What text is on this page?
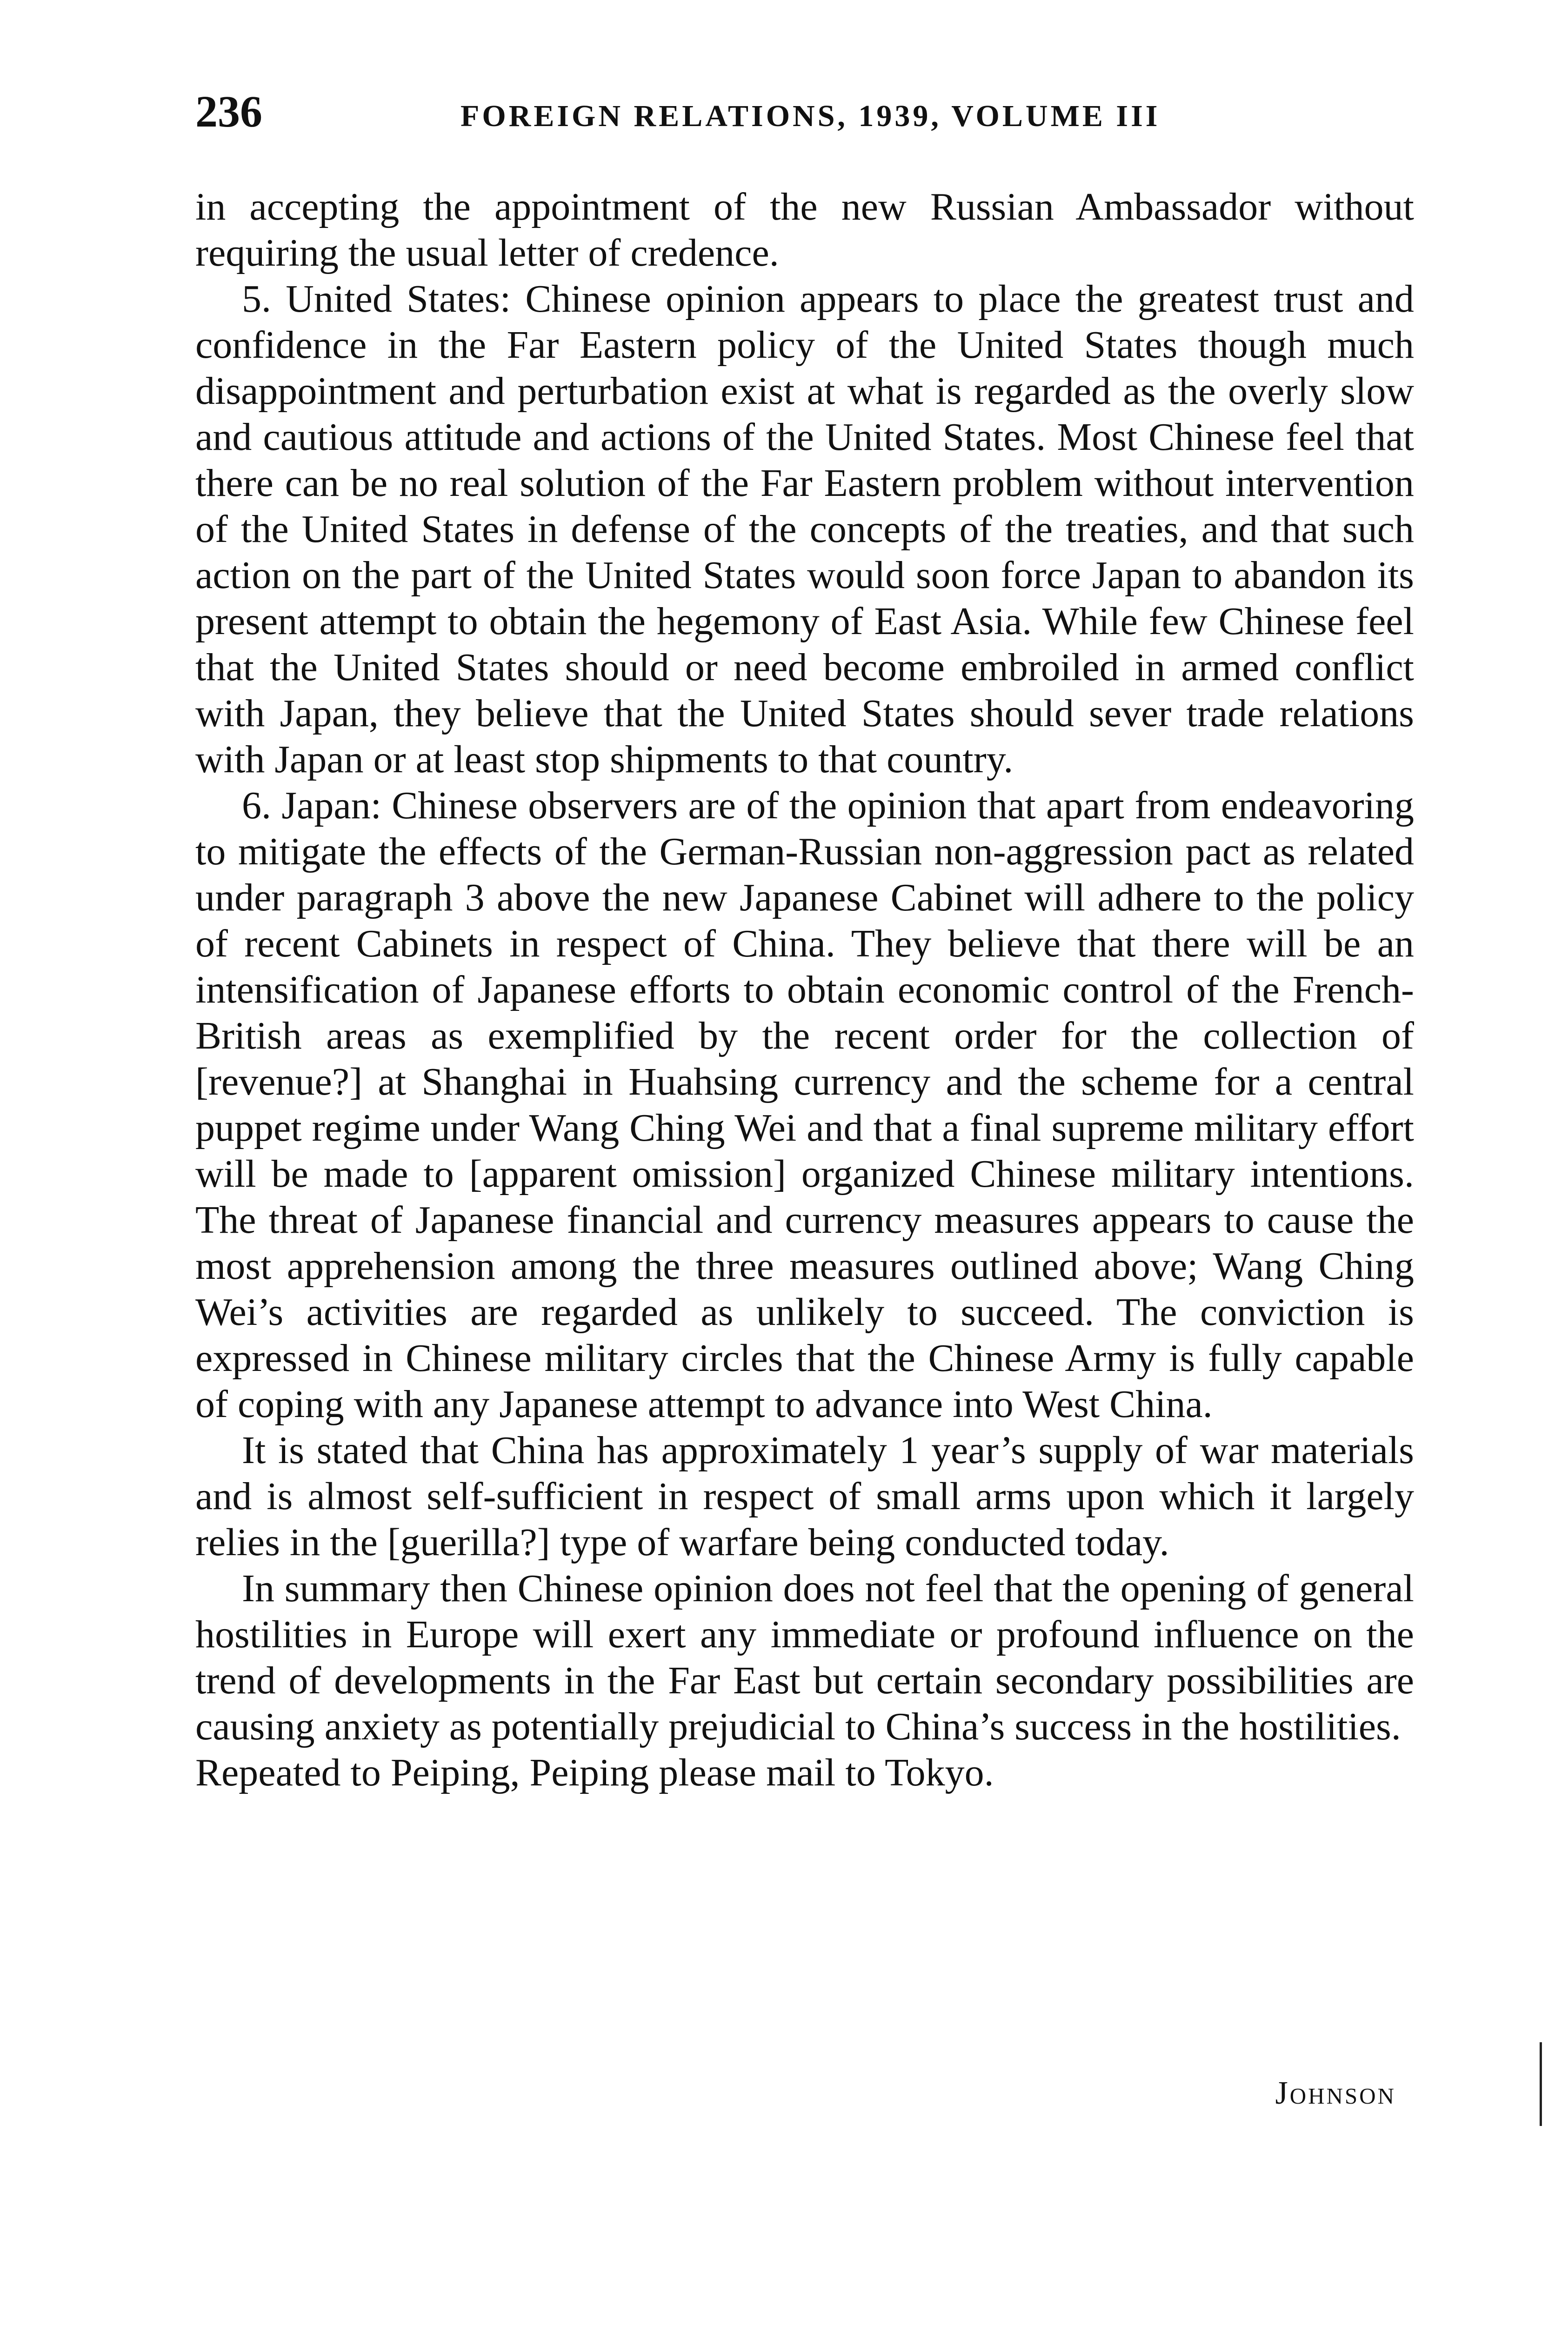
236	FOREIGN RELATIONS, 1939, VOLUME III

in accepting the appointment of the new Russian Ambassador without requiring the usual letter of credence.

5. United States: Chinese opinion appears to place the greatest trust and confidence in the Far Eastern policy of the United States though much disappointment and perturbation exist at what is regarded as the overly slow and cautious attitude and actions of the United States. Most Chinese feel that there can be no real solution of the Far Eastern problem without intervention of the United States in defense of the concepts of the treaties, and that such action on the part of the United States would soon force Japan to abandon its present attempt to obtain the hegemony of East Asia. While few Chinese feel that the United States should or need become embroiled in armed conflict with Japan, they believe that the United States should sever trade relations with Japan or at least stop shipments to that country.

6. Japan: Chinese observers are of the opinion that apart from endeavoring to mitigate the effects of the German-Russian non-aggression pact as related under paragraph 3 above the new Japanese Cabinet will adhere to the policy of recent Cabinets in respect of China. They believe that there will be an intensification of Japanese efforts to obtain economic control of the French-British areas as exemplified by the recent order for the collection of [revenue?] at Shanghai in Huahsing currency and the scheme for a central puppet regime under Wang Ching Wei and that a final supreme military effort will be made to [apparent omission] organized Chinese military intentions. The threat of Japanese financial and currency measures appears to cause the most apprehension among the three measures outlined above; Wang Ching Wei’s activities are regarded as unlikely to succeed. The conviction is expressed in Chinese military circles that the Chinese Army is fully capable of coping with any Japanese attempt to advance into West China.

It is stated that China has approximately 1 year’s supply of war materials and is almost self-sufficient in respect of small arms upon which it largely relies in the [guerilla?] type of warfare being conducted today.

In summary then Chinese opinion does not feel that the opening of general hostilities in Europe will exert any immediate or profound influence on the trend of developments in the Far East but certain secondary possibilities are causing anxiety as potentially prejudicial to China’s success in the hostilities.

Repeated to Peiping, Peiping please mail to Tokyo.

Johnson
